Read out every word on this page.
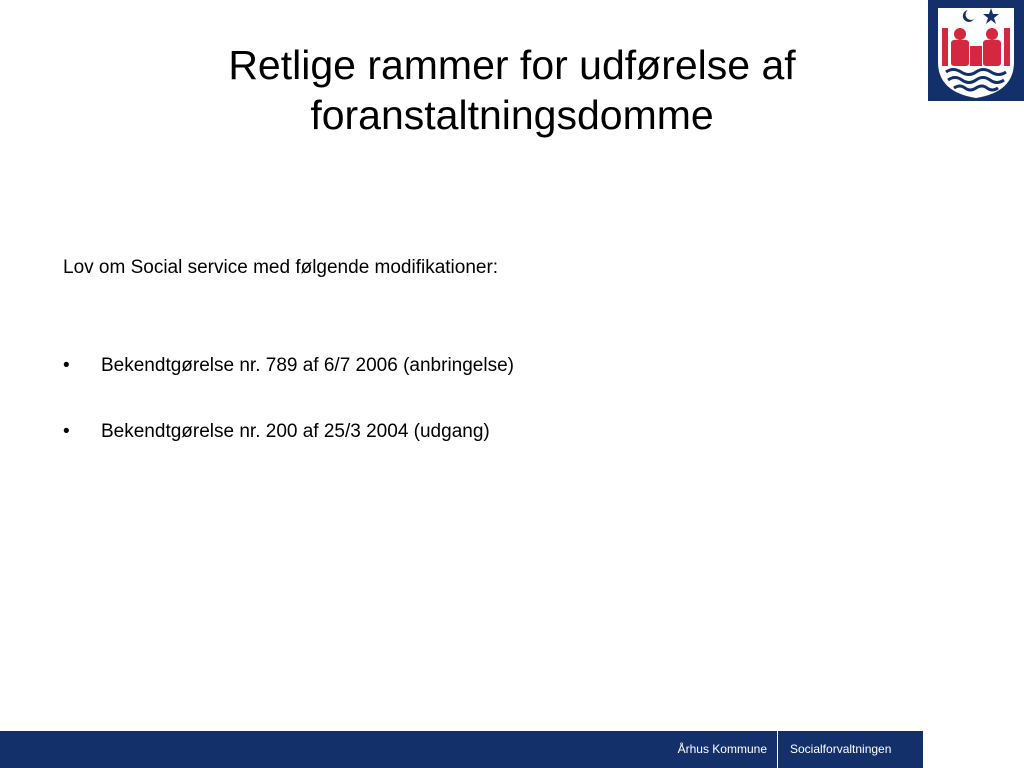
Retlige rammer for udførelse af foranstaltningsdomme

Lov om Social service med følgende modifikationer:

• Bekendtgørelse nr. 789 af 6/7 2006 (anbringelse)
• Bekendtgørelse nr. 200 af 25/3 2004 (udgang)
Århus Kommune	Socialforvaltningen
